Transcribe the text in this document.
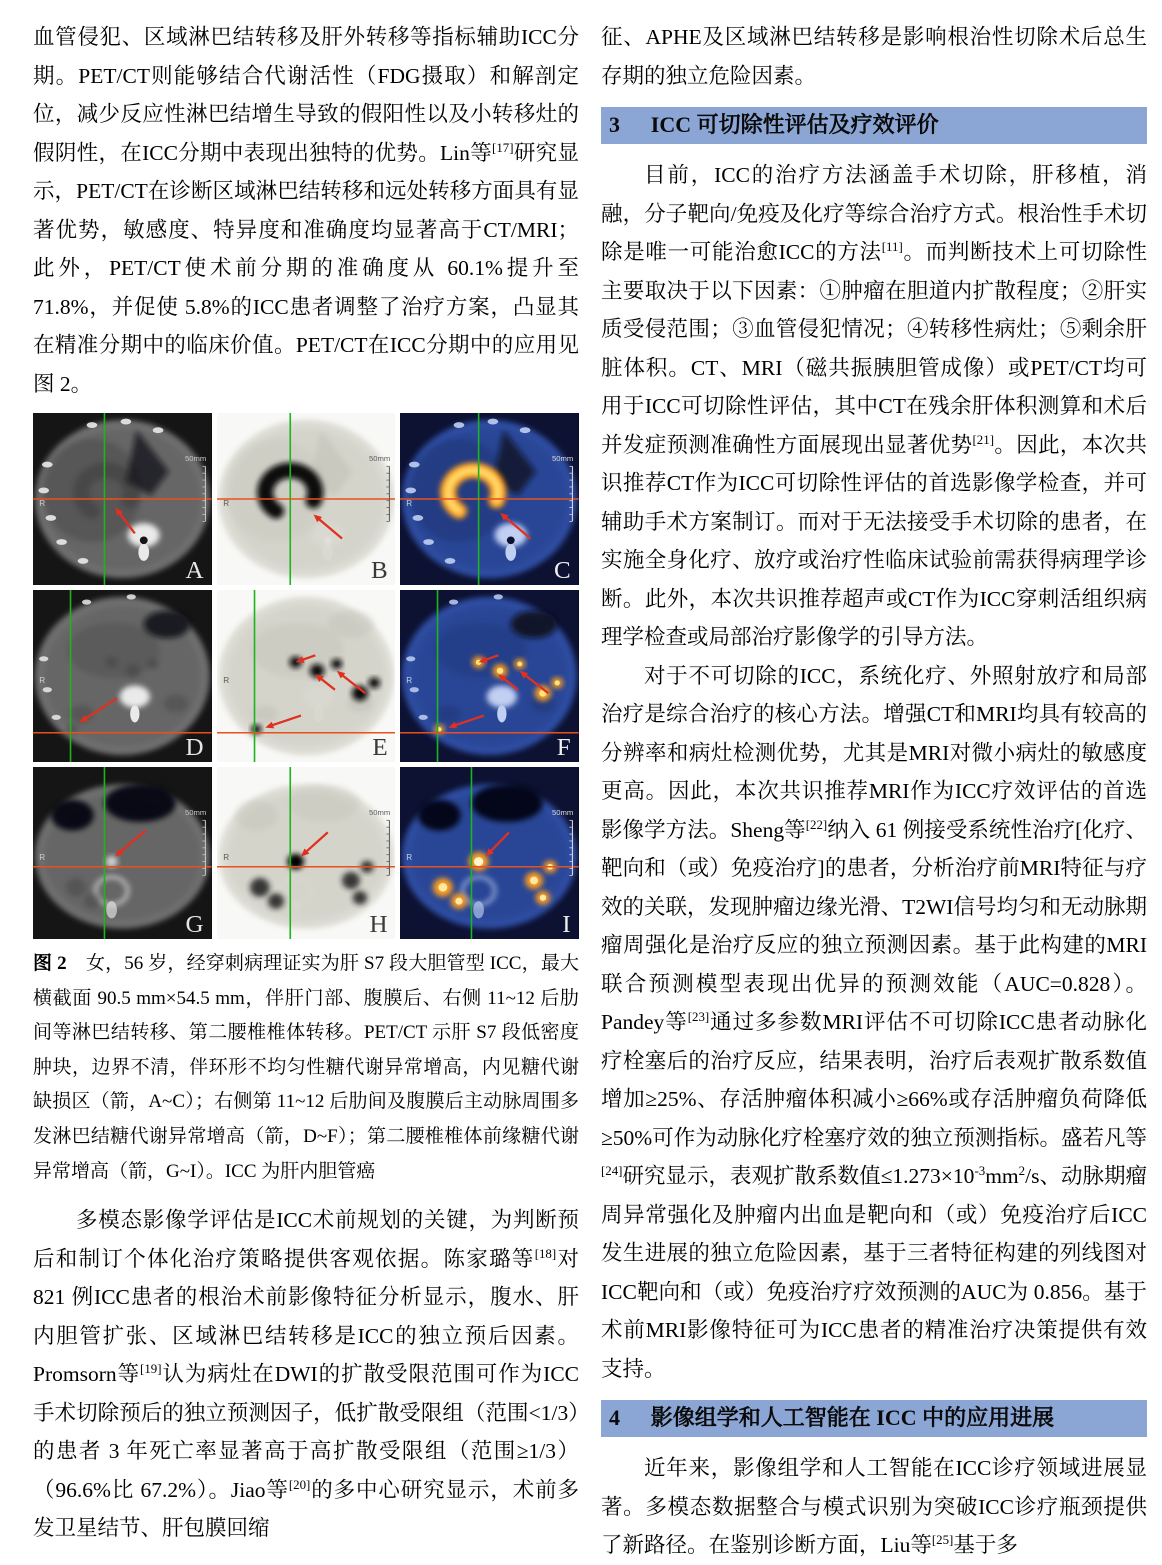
血管侵犯、区域淋巴结转移及肝外转移等指标辅助ICC分期。PET/CT则能够结合代谢活性（FDG摄取）和解剖定位，减少反应性淋巴结增生导致的假阳性以及小转移灶的假阴性，在ICC分期中表现出独特的优势。Lin等[17]研究显示，PET/CT在诊断区域淋巴结转移和远处转移方面具有显著优势，敏感度、特异度和准确度均显著高于CT/MRI；此外，PET/CT使术前分期的准确度从 60.1%提升至 71.8%，并促使 5.8%的ICC患者调整了治疗方案，凸显其在精准分期中的临床价值。PET/CT在ICC分期中的应用见图 2。

50mm
R
A
50mm
R
B
50mm
R
C
R
D
R
E
R
F
50mm
R
G
50mm
R
H
50mm
R
I

图 2　女，56 岁，经穿刺病理证实为肝 S7 段大胆管型 ICC，最大横截面 90.5 mm×54.5 mm，伴肝门部、腹膜后、右侧 11~12 后肋间等淋巴结转移、第二腰椎椎体转移。PET/CT 示肝 S7 段低密度肿块，边界不清，伴环形不均匀性糖代谢异常增高，内见糖代谢缺损区（箭，A~C）；右侧第 11~12 后肋间及腹膜后主动脉周围多发淋巴结糖代谢异常增高（箭，D~F）；第二腰椎椎体前缘糖代谢异常增高（箭，G~I）。ICC 为肝内胆管癌

多模态影像学评估是ICC术前规划的关键，为判断预后和制订个体化治疗策略提供客观依据。陈家璐等[18]对 821 例ICC患者的根治术前影像特征分析显示，腹水、肝内胆管扩张、区域淋巴结转移是ICC的独立预后因素。Promsorn等[19]认为病灶在DWI的扩散受限范围可作为ICC手术切除预后的独立预测因子，低扩散受限组（范围<1/3）的患者 3 年死亡率显著高于高扩散受限组（范围≥1/3）（96.6%比 67.2%）。Jiao等[20]的多中心研究显示，术前多发卫星结节、肝包膜回缩

征、APHE及区域淋巴结转移是影响根治性切除术后总生存期的独立危险因素。

3 ICC 可切除性评估及疗效评价

目前，ICC的治疗方法涵盖手术切除，肝移植，消融，分子靶向/免疫及化疗等综合治疗方式。根治性手术切除是唯一可能治愈ICC的方法[11]。而判断技术上可切除性主要取决于以下因素：①肿瘤在胆道内扩散程度；②肝实质受侵范围；③血管侵犯情况；④转移性病灶；⑤剩余肝脏体积。CT、MRI（磁共振胰胆管成像）或PET/CT均可用于ICC可切除性评估，其中CT在残余肝体积测算和术后并发症预测准确性方面展现出显著优势[21]。因此，本次共识推荐CT作为ICC可切除性评估的首选影像学检查，并可辅助手术方案制订。而对于无法接受手术切除的患者，在实施全身化疗、放疗或治疗性临床试验前需获得病理学诊断。此外，本次共识推荐超声或CT作为ICC穿刺活组织病理学检查或局部治疗影像学的引导方法。

对于不可切除的ICC，系统化疗、外照射放疗和局部治疗是综合治疗的核心方法。增强CT和MRI均具有较高的分辨率和病灶检测优势，尤其是MRI对微小病灶的敏感度更高。因此，本次共识推荐MRI作为ICC疗效评估的首选影像学方法。Sheng等[22]纳入 61 例接受系统性治疗[化疗、靶向和（或）免疫治疗]的患者，分析治疗前MRI特征与疗效的关联，发现肿瘤边缘光滑、T2WI信号均匀和无动脉期瘤周强化是治疗反应的独立预测因素。基于此构建的MRI联合预测模型表现出优异的预测效能（AUC=0.828）。Pandey等[23]通过多参数MRI评估不可切除ICC患者动脉化疗栓塞后的治疗反应，结果表明，治疗后表观扩散系数值增加≥25%、存活肿瘤体积减小≥66%或存活肿瘤负荷降低≥50%可作为动脉化疗栓塞疗效的独立预测指标。盛若凡等[24]研究显示，表观扩散系数值$\le 1.273\times 10^{-3}mm^2/s$、动脉期瘤周异常强化及肿瘤内出血是靶向和（或）免疫治疗后ICC发生进展的独立危险因素，基于三者特征构建的列线图对ICC靶向和（或）免疫治疗疗效预测的AUC为 0.856。基于术前MRI影像特征可为ICC患者的精准治疗决策提供有效支持。

4 影像组学和人工智能在 ICC 中的应用进展

近年来，影像组学和人工智能在ICC诊疗领域进展显著。多模态数据整合与模式识别为突破ICC诊疗瓶颈提供了新路径。在鉴别诊断方面，Liu等[25]基于多
